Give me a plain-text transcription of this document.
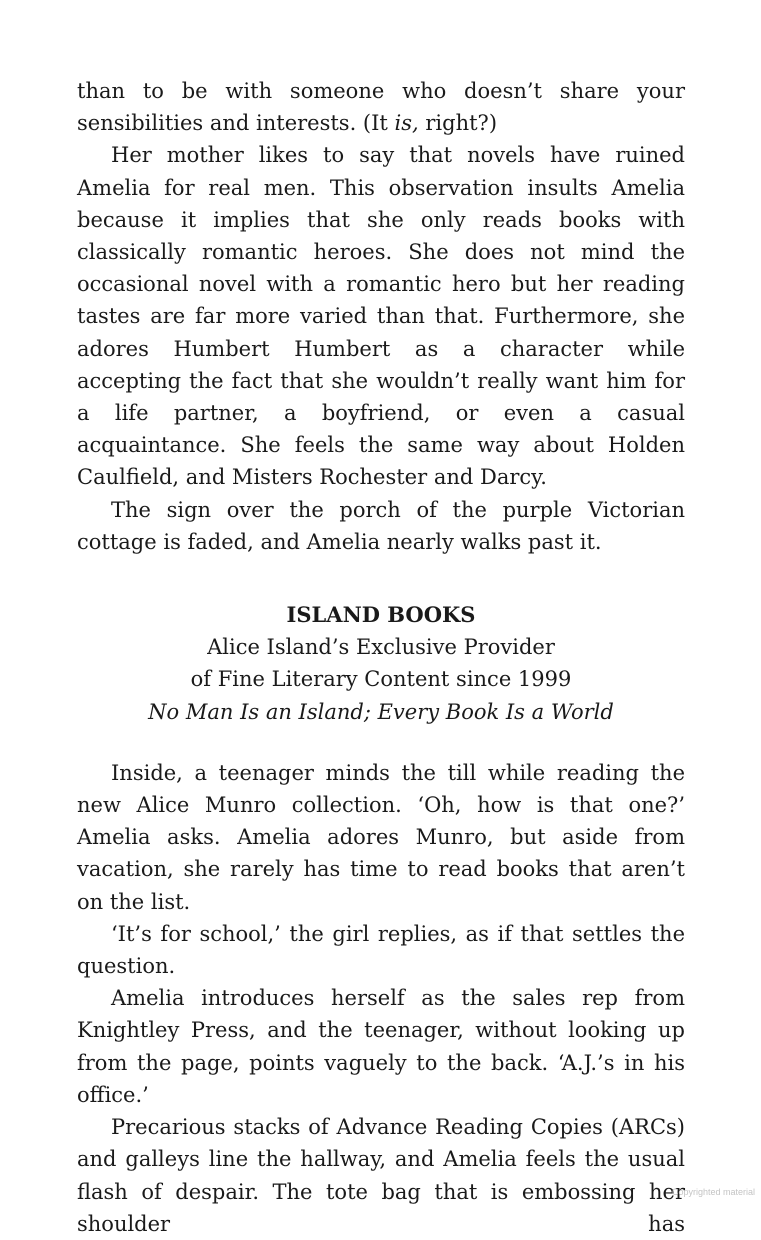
than to be with someone who doesn’t share your sensibilities and interests. (It is, right?)

Her mother likes to say that novels have ruined Amelia for real men. This observation insults Amelia because it implies that she only reads books with classically romantic heroes. She does not mind the occasional novel with a romantic hero but her reading tastes are far more varied than that. Furthermore, she adores Humbert Humbert as a character while accepting the fact that she wouldn’t really want him for a life partner, a boyfriend, or even a casual acquaintance. She feels the same way about Holden Caulfield, and Misters Rochester and Darcy.

The sign over the porch of the purple Victorian cottage is faded, and Amelia nearly walks past it.

ISLAND BOOKS
Alice Island’s Exclusive Provider
of Fine Literary Content since 1999
No Man Is an Island; Every Book Is a World

Inside, a teenager minds the till while reading the new Alice Munro collection. ‘Oh, how is that one?’ Amelia asks. Amelia adores Munro, but aside from vacation, she rarely has time to read books that aren’t on the list.

‘It’s for school,’ the girl replies, as if that settles the question.

Amelia introduces herself as the sales rep from Knightley Press, and the teenager, without looking up from the page, points vaguely to the back. ‘A.J.’s in his office.’

Precarious stacks of Advance Reading Copies (ARCs) and galleys line the hallway, and Amelia feels the usual flash of despair. The tote bag that is embossing her shoulder has

Copyrighted material
